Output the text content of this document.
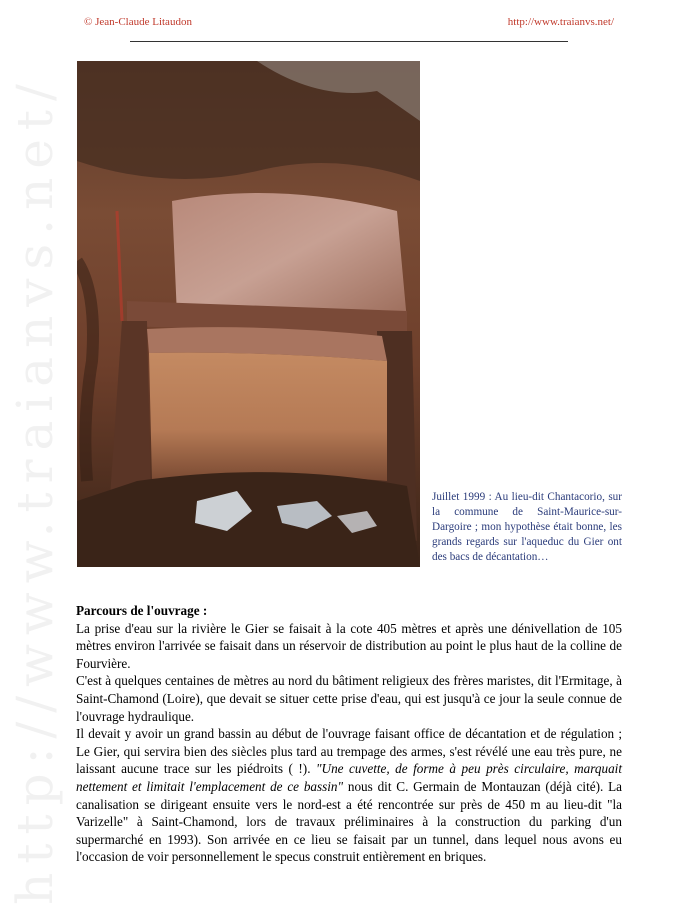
http://www.traianvs.net/
© Jean-Claude Litaudon	http://www.traianvs.net/
Juillet 1999 : Au lieu-dit Chantacorio, sur la commune de Saint-Maurice-sur-Dargoire ; mon hypothèse était bonne, les grands regards sur l'aqueduc du Gier ont des bacs de décantation…
Parcours de l'ouvrage :

La prise d'eau sur la rivière le Gier se faisait à la cote 405 mètres et après une dénivellation de 105 mètres environ l'arrivée se faisait dans un réservoir de distribution au point le plus haut de la colline de Fourvière.

C'est à quelques centaines de mètres au nord du bâtiment religieux des frères maristes, dit l'Ermitage, à Saint-Chamond (Loire), que devait se situer cette prise d'eau, qui est jusqu'à ce jour la seule connue de l'ouvrage hydraulique.

Il devait y avoir un grand bassin au début de l'ouvrage faisant office de décantation et de régulation ; Le Gier, qui servira bien des siècles plus tard au trempage des armes, s'est révélé une eau très pure, ne laissant aucune trace sur les piédroits ( !). "Une cuvette, de forme à peu près circulaire, marquait nettement et limitait l'emplacement de ce bassin" nous dit C. Germain de Montauzan (déjà cité). La canalisation se dirigeant ensuite vers le nord-est a été rencontrée sur près de 450 m au lieu-dit "la Varizelle" à Saint-Chamond, lors de travaux préliminaires à la construction du parking d'un supermarché en 1993). Son arrivée en ce lieu se faisait par un tunnel, dans lequel nous avons eu l'occasion de voir personnellement le specus construit entièrement en briques.
